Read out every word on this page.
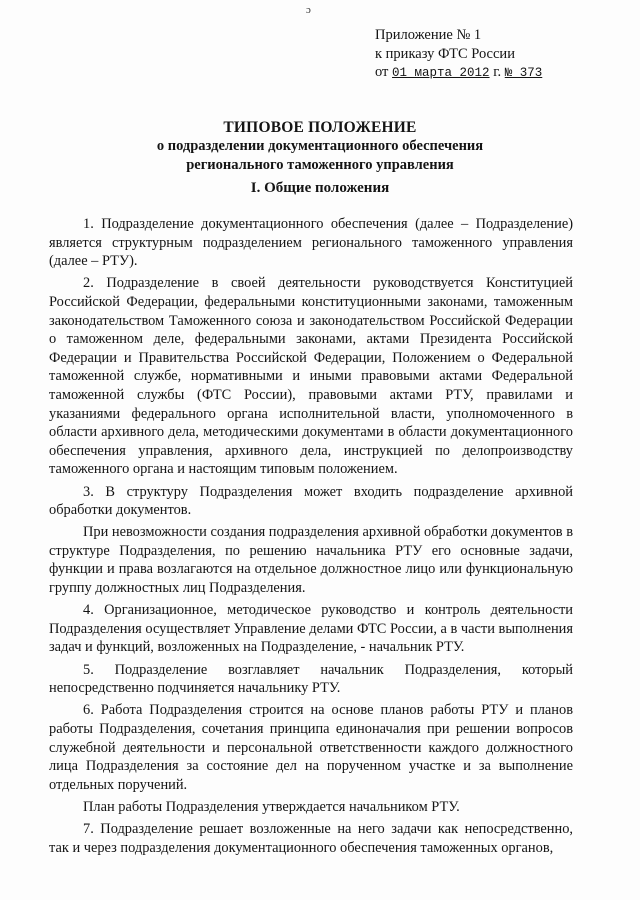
ɔ
Приложение № 1
к приказу ФТС России
от 01 марта 2012 г. № 373
ТИПОВОЕ ПОЛОЖЕНИЕ
о подразделении документационного обеспечения
регионального таможенного управления
I. Общие положения

1. Подразделение документационного обеспечения (далее – Подразделение) является структурным подразделением регионального таможенного управления (далее – РТУ).

2. Подразделение в своей деятельности руководствуется Конституцией Российской Федерации, федеральными конституционными законами, таможенным законодательством Таможенного союза и законодательством Российской Федерации о таможенном деле, федеральными законами, актами Президента Российской Федерации и Правительства Российской Федерации, Положением о Федеральной таможенной службе, нормативными и иными правовыми актами Федеральной таможенной службы (ФТС России), правовыми актами РТУ, правилами и указаниями федерального органа исполнительной власти, уполномоченного в области архивного дела, методическими документами в области документационного обеспечения управления, архивного дела, инструкцией по делопроизводству таможенного органа и настоящим типовым положением.

3. В структуру Подразделения может входить подразделение архивной обработки документов.

При невозможности создания подразделения архивной обработки документов в структуре Подразделения, по решению начальника РТУ его основные задачи, функции и права возлагаются на отдельное должностное лицо или функциональную группу должностных лиц Подразделения.

4. Организационное, методическое руководство и контроль деятельности Подразделения осуществляет Управление делами ФТС России, а в части выполнения задач и функций, возложенных на Подразделение, - начальник РТУ.

5. Подразделение возглавляет начальник Подразделения, который непосредственно подчиняется начальнику РТУ.

6. Работа Подразделения строится на основе планов работы РТУ и планов работы Подразделения, сочетания принципа единоначалия при решении вопросов служебной деятельности и персональной ответственности каждого должностного лица Подразделения за состояние дел на порученном участке и за выполнение отдельных поручений.

План работы Подразделения утверждается начальником РТУ.

7. Подразделение решает возложенные на него задачи как непосредственно, так и через подразделения документационного обеспечения таможенных органов,
